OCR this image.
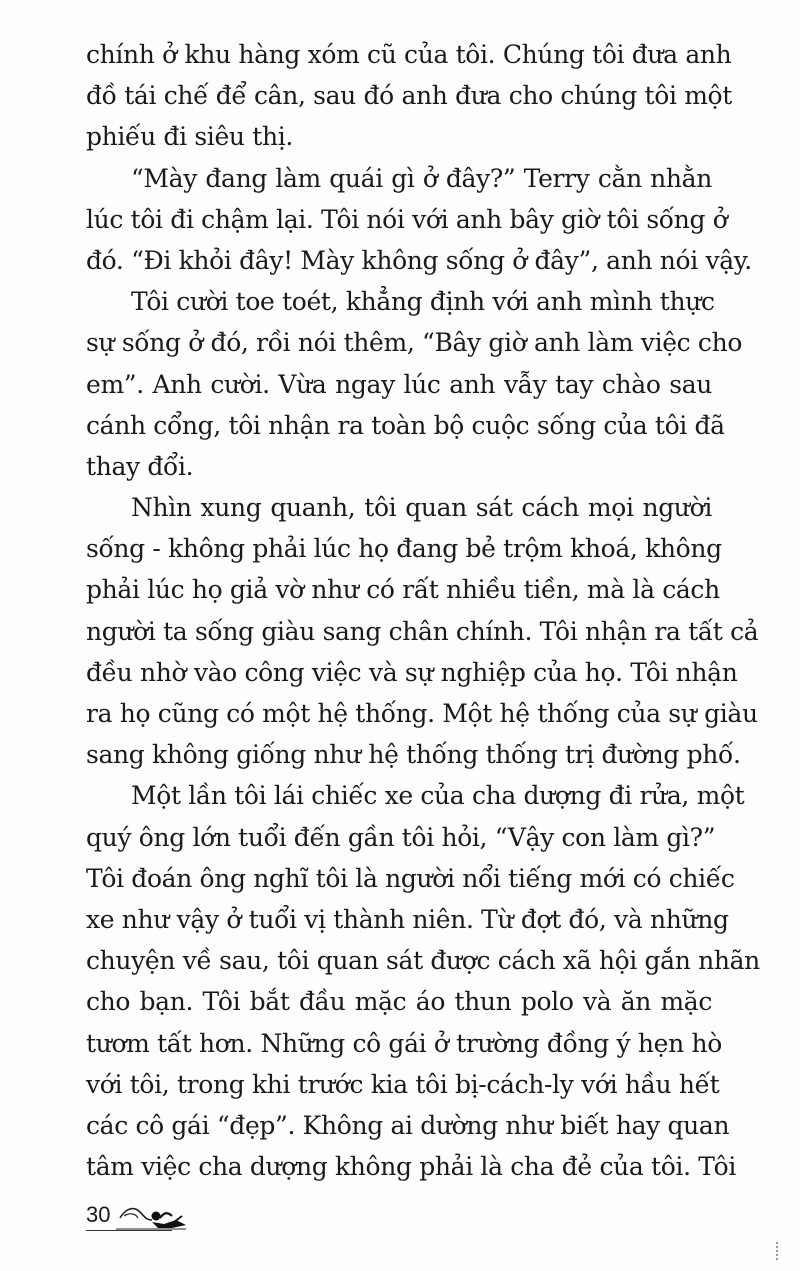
chính ở khu hàng xóm cũ của tôi. Chúng tôi đưa anh
đồ tái chế để cân, sau đó anh đưa cho chúng tôi một
phiếu đi siêu thị.
“Mày đang làm quái gì ở đây?” Terry cằn nhằn
lúc tôi đi chậm lại. Tôi nói với anh bây giờ tôi sống ở
đó. “Đi khỏi đây! Mày không sống ở đây”, anh nói vậy.
Tôi cười toe toét, khẳng định với anh mình thực
sự sống ở đó, rồi nói thêm, “Bây giờ anh làm việc cho
em”. Anh cười. Vừa ngay lúc anh vẫy tay chào sau
cánh cổng, tôi nhận ra toàn bộ cuộc sống của tôi đã
thay đổi.
Nhìn xung quanh, tôi quan sát cách mọi người
sống - không phải lúc họ đang bẻ trộm khoá, không
phải lúc họ giả vờ như có rất nhiều tiền, mà là cách
người ta sống giàu sang chân chính. Tôi nhận ra tất cả
đều nhờ vào công việc và sự nghiệp của họ. Tôi nhận
ra họ cũng có một hệ thống. Một hệ thống của sự giàu
sang không giống như hệ thống thống trị đường phố.
Một lần tôi lái chiếc xe của cha dượng đi rửa, một
quý ông lớn tuổi đến gần tôi hỏi, “Vậy con làm gì?”
Tôi đoán ông nghĩ tôi là người nổi tiếng mới có chiếc
xe như vậy ở tuổi vị thành niên. Từ đợt đó, và những
chuyện về sau, tôi quan sát được cách xã hội gắn nhãn
cho bạn. Tôi bắt đầu mặc áo thun polo và ăn mặc
tươm tất hơn. Những cô gái ở trường đồng ý hẹn hò
với tôi, trong khi trước kia tôi bị-cách-ly với hầu hết
các cô gái “đẹp”. Không ai dường như biết hay quan
tâm việc cha dượng không phải là cha đẻ của tôi. Tôi
30
